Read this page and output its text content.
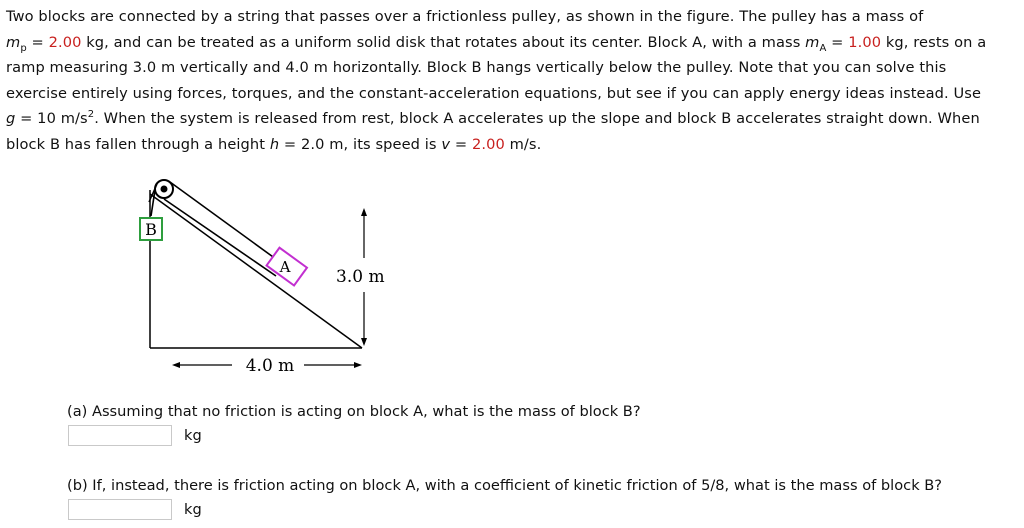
Two blocks are connected by a string that passes over a frictionless pulley, as shown in the figure. The pulley has a mass of
$m_p = 2.00$ kg, and can be treated as a uniform solid disk that rotates about its center. Block A, with a mass $m_A = 1.00$ kg, rests on a
ramp measuring 3.0 m vertically and 4.0 m horizontally. Block B hangs vertically below the pulley. Note that you can solve this
exercise entirely using forces, torques, and the constant-acceleration equations, but see if you can apply energy ideas instead. Use
g = 10 $m/s^2$. When the system is released from rest, block A accelerates up the slope and block B accelerates straight down. When
block B has fallen through a height h = 2.0 m, its speed is v = 2.00 m/s.
B
A	3.0 m
4.0 m
(a) Assuming that no friction is acting on block A, what is the mass of block B?
kg
(b) If, instead, there is friction acting on block A, with a coefficient of kinetic friction of 5/8, what is the mass of block B?
kg
